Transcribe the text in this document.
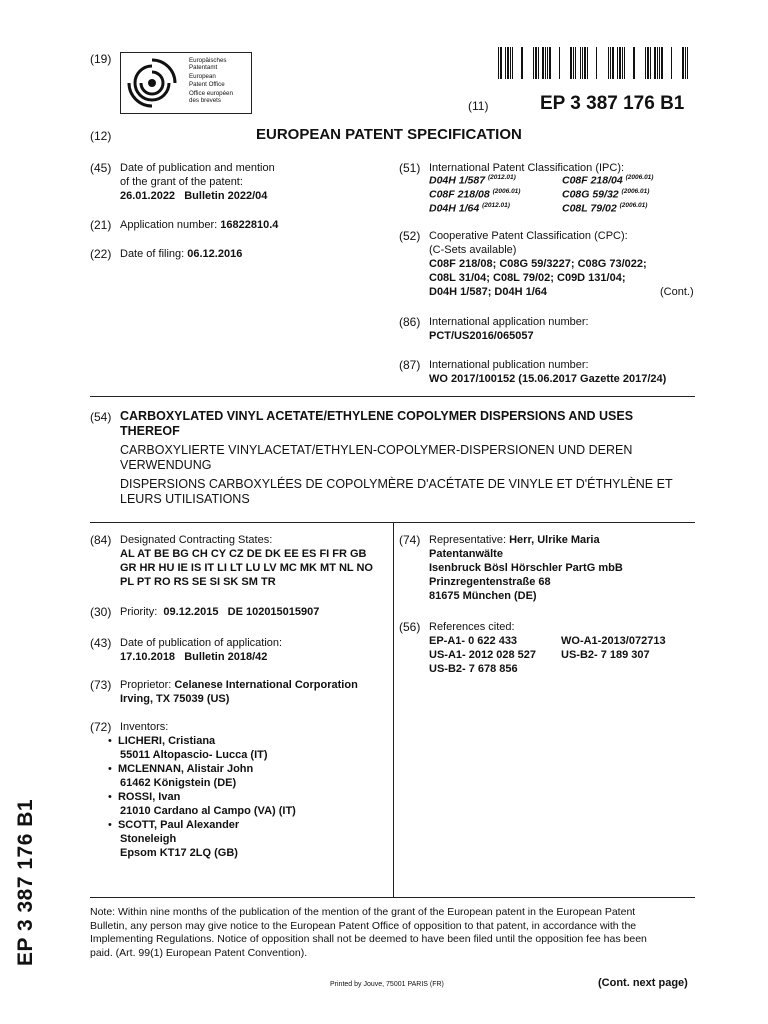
(19)	Europäisches
Patentamt
European
Patent Office
Office européen
des brevets	(11)	EP 3 387 176 B1
(12)	EUROPEAN PATENT SPECIFICATION
(45) Date of publication and mention
of the grant of the patent:
26.01.2022   Bulletin 2022/04
(21) Application number: 16822810.4
(22) Date of filing: 06.12.2016
(51) International Patent Classification (IPC):
D04H 1/587 $^{(2012.01)}$	C08F 218/04 $^{(2006.01)}$
C08F 218/08 $^{(2006.01)}$	C08G 59/32 $^{(2006.01)}$
D04H 1/64 $^{(2012.01)}$	C08L 79/02 $^{(2006.01)}$
(52) Cooperative Patent Classification (CPC):
(C-Sets available)
C08F 218/08; C08G 59/3227; C08G 73/022;
C08L 31/04; C08L 79/02; C09D 131/04;
D04H 1/587; D04H 1/64	(Cont.)
(86) International application number:
PCT/US2016/065057
(87) International publication number:
WO 2017/100152 (15.06.2017 Gazette 2017/24)
(54) CARBOXYLATED VINYL ACETATE/ETHYLENE COPOLYMER DISPERSIONS AND USES
THEREOF
CARBOXYLIERTE VINYLACETAT/ETHYLEN-COPOLYMER-DISPERSIONEN UND DEREN
VERWENDUNG
DISPERSIONS CARBOXYLÉES DE COPOLYMÈRE D'ACÉTATE DE VINYLE ET D'ÉTHYLÈNE ET
LEURS UTILISATIONS
(84) Designated Contracting States:
AL AT BE BG CH CY CZ DE DK EE ES FI FR GB
GR HR HU IE IS IT LI LT LU LV MC MK MT NL NO
PL PT RO RS SE SI SK SM TR
(30) Priority: 09.12.2015   DE 102015015907
(43) Date of publication of application:
17.10.2018   Bulletin 2018/42
(73) Proprietor: Celanese International Corporation
Irving, TX 75039 (US)
(72) Inventors:
•  LICHERI, Cristiana
55011 Altopascio- Lucca (IT)
•  MCLENNAN, Alistair John
61462 Königstein (DE)
•  ROSSI, Ivan
21010 Cardano al Campo (VA) (IT)
•  SCOTT, Paul Alexander
Stoneleigh
Epsom KT17 2LQ (GB)
(74) Representative: Herr, Ulrike Maria
Patentanwälte
Isenbruck Bösl Hörschler PartG mbB
Prinzregentenstraße 68
81675 München (DE)
(56) References cited:
EP-A1- 0 622 433	WO-A1-2013/072713
US-A1- 2012 028 527 US-B2- 7 189 307
US-B2- 7 678 856
Note: Within nine months of the publication of the mention of the grant of the European patent in the European Patent
Bulletin, any person may give notice to the European Patent Office of opposition to that patent, in accordance with the
Implementing Regulations. Notice of opposition shall not be deemed to have been filed until the opposition fee has been
paid. (Art. 99(1) European Patent Convention).
Printed by Jouve, 75001 PARIS (FR)	(Cont. next page)
EP 3 387 176 B1
